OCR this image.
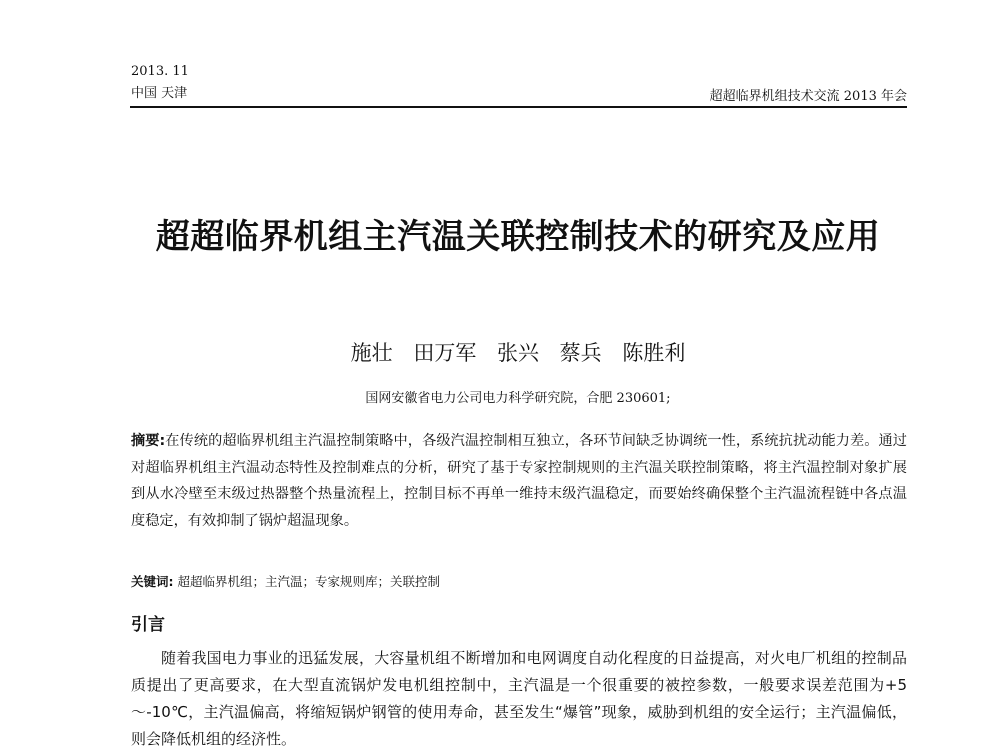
2013. 11
中国 天津	超超临界机组技术交流 2013 年会
超超临界机组主汽温关联控制技术的研究及应用
施壮 田万军 张兴 蔡兵 陈胜利
国网安徽省电力公司电力科学研究院，合肥 230601;

摘要:在传统的超临界机组主汽温控制策略中，各级汽温控制相互独立，各环节间缺乏协调统一性，系统抗扰动能力差。通过对超临界机组主汽温动态特性及控制难点的分析，研究了基于专家控制规则的主汽温关联控制策略，将主汽温控制对象扩展到从水冷壁至末级过热器整个热量流程上，控制目标不再单一维持末级汽温稳定，而要始终确保整个主汽温流程链中各点温度稳定，有效抑制了锅炉超温现象。

关键词: 超超临界机组；主汽温；专家规则库；关联控制
引言

随着我国电力事业的迅猛发展，大容量机组不断增加和电网调度自动化程度的日益提高，对火电厂机组的控制品质提出了更高要求，在大型直流锅炉发电机组控制中，主汽温是一个很重要的被控参数，一般要求误差范围为+5～-10℃，主汽温偏高，将缩短锅炉钢管的使用寿命，甚至发生“爆管”现象，威胁到机组的安全运行；主汽温偏低，则会降低机组的经济性。
